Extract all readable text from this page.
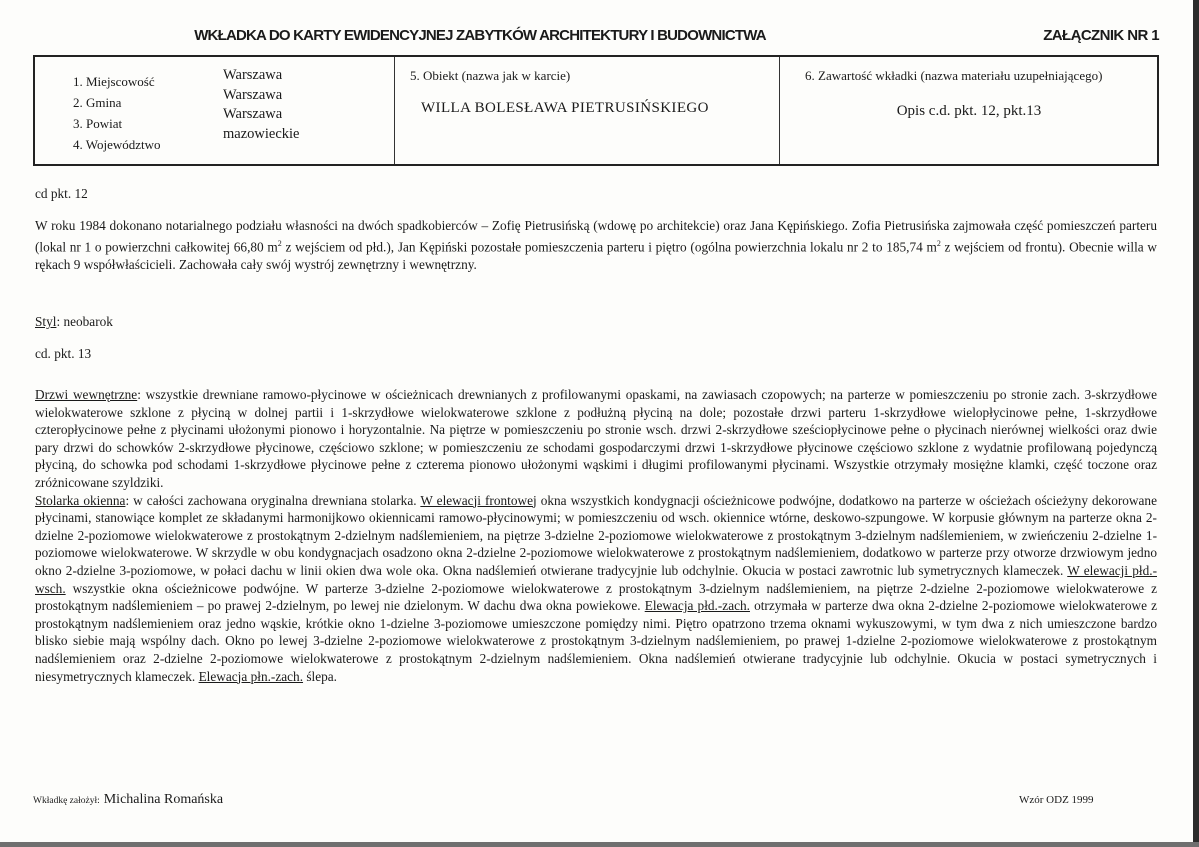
WKŁADKA DO KARTY EWIDENCYJNEJ ZABYTKÓW ARCHITEKTURY I BUDOWNICTWA	ZAŁĄCZNIK NR 1
1. Miejscowość
2. Gmina
3. Powiat
4. Województwo
Warszawa
Warszawa
Warszawa
mazowieckie
5. Obiekt (nazwa jak w karcie)
WILLA BOLESŁAWA PIETRUSIŃSKIEGO
6. Zawartość wkładki (nazwa materiału uzupełniającego)
Opis c.d. pkt. 12, pkt.13
cd pkt. 12
W roku 1984 dokonano notarialnego podziału własności na dwóch spadkobierców – Zofię Pietrusińską (wdowę po architekcie) oraz Jana Kępińskiego. Zofia Pietrusińska zajmowała część pomieszczeń parteru (lokal nr 1 o powierzchni całkowitej 66,80 $m^2$ z wejściem od płd.), Jan Kępiński pozostałe pomieszczenia parteru i piętro (ogólna powierzchnia lokalu nr 2 to 185,74 $m^2$ z wejściem od frontu). Obecnie willa w rękach 9 współwłaścicieli. Zachowała cały swój wystrój zewnętrzny i wewnętrzny.
Styl: neobarok
cd. pkt. 13
Drzwi wewnętrzne: wszystkie drewniane ramowo-płycinowe w ościeżnicach drewnianych z profilowanymi opaskami, na zawiasach czopowych; na parterze w pomieszczeniu po stronie zach. 3-skrzydłowe wielokwaterowe szklone z płyciną w dolnej partii i 1-skrzydłowe wielokwaterowe szklone z podłużną płyciną na dole; pozostałe drzwi parteru 1-skrzydłowe wielopłycinowe pełne, 1-skrzydłowe czteropłycinowe pełne z płycinami ułożonymi pionowo i horyzontalnie. Na piętrze w pomieszczeniu po stronie wsch. drzwi 2-skrzydłowe sześciopłycinowe pełne o płycinach nierównej wielkości oraz dwie pary drzwi do schowków 2-skrzydłowe płycinowe, częściowo szklone; w pomieszczeniu ze schodami gospodarczymi drzwi 1-skrzydłowe płycinowe częściowo szklone z wydatnie profilowaną pojedynczą płyciną, do schowka pod schodami 1-skrzydłowe płycinowe pełne z czterema pionowo ułożonymi wąskimi i długimi profilowanymi płycinami. Wszystkie otrzymały mosiężne klamki, część toczone oraz zróżnicowane szyldziki.
Stolarka okienna: w całości zachowana oryginalna drewniana stolarka. W elewacji frontowej okna wszystkich kondygnacji ościeżnicowe podwójne, dodatkowo na parterze w ościeżach ościeżyny dekorowane płycinami, stanowiące komplet ze składanymi harmonijkowo okiennicami ramowo-płycinowymi; w pomieszczeniu od wsch. okiennice wtórne, deskowo-szpungowe. W korpusie głównym na parterze okna 2-dzielne 2-poziomowe wielokwaterowe z prostokątnym 2-dzielnym nadślemieniem, na piętrze 3-dzielne 2-poziomowe wielokwaterowe z prostokątnym 3-dzielnym nadślemieniem, w zwieńczeniu 2-dzielne 1-poziomowe wielokwaterowe. W skrzydle w obu kondygnacjach osadzono okna 2-dzielne 2-poziomowe wielokwaterowe z prostokątnym nadślemieniem, dodatkowo w parterze przy otworze drzwiowym jedno okno 2-dzielne 3-poziomowe, w połaci dachu w linii okien dwa wole oka. Okna nadślemień otwierane tradycyjnie lub odchylnie. Okucia w postaci zawrotnic lub symetrycznych klameczek. W elewacji płd.-wsch. wszystkie okna ościeżnicowe podwójne. W parterze 3-dzielne 2-poziomowe wielokwaterowe z prostokątnym 3-dzielnym nadślemieniem, na piętrze 2-dzielne 2-poziomowe wielokwaterowe z prostokątnym nadślemieniem – po prawej 2-dzielnym, po lewej nie dzielonym. W dachu dwa okna powiekowe. Elewacja płd.-zach. otrzymała w parterze dwa okna 2-dzielne 2-poziomowe wielokwaterowe z prostokątnym nadślemieniem oraz jedno wąskie, krótkie okno 1-dzielne 3-poziomowe umieszczone pomiędzy nimi. Piętro opatrzono trzema oknami wykuszowymi, w tym dwa z nich umieszczone bardzo blisko siebie mają wspólny dach. Okno po lewej 3-dzielne 2-poziomowe wielokwaterowe z prostokątnym 3-dzielnym nadślemieniem, po prawej 1-dzielne 2-poziomowe wielokwaterowe z prostokątnym nadślemieniem oraz 2-dzielne 2-poziomowe wielokwaterowe z prostokątnym 2-dzielnym nadślemieniem. Okna nadślemień otwierane tradycyjnie lub odchylnie. Okucia w postaci symetrycznych i niesymetrycznych klameczek. Elewacja płn.-zach. ślepa.
Wkładkę założył: Michalina Romańska	Wzór ODZ 1999
